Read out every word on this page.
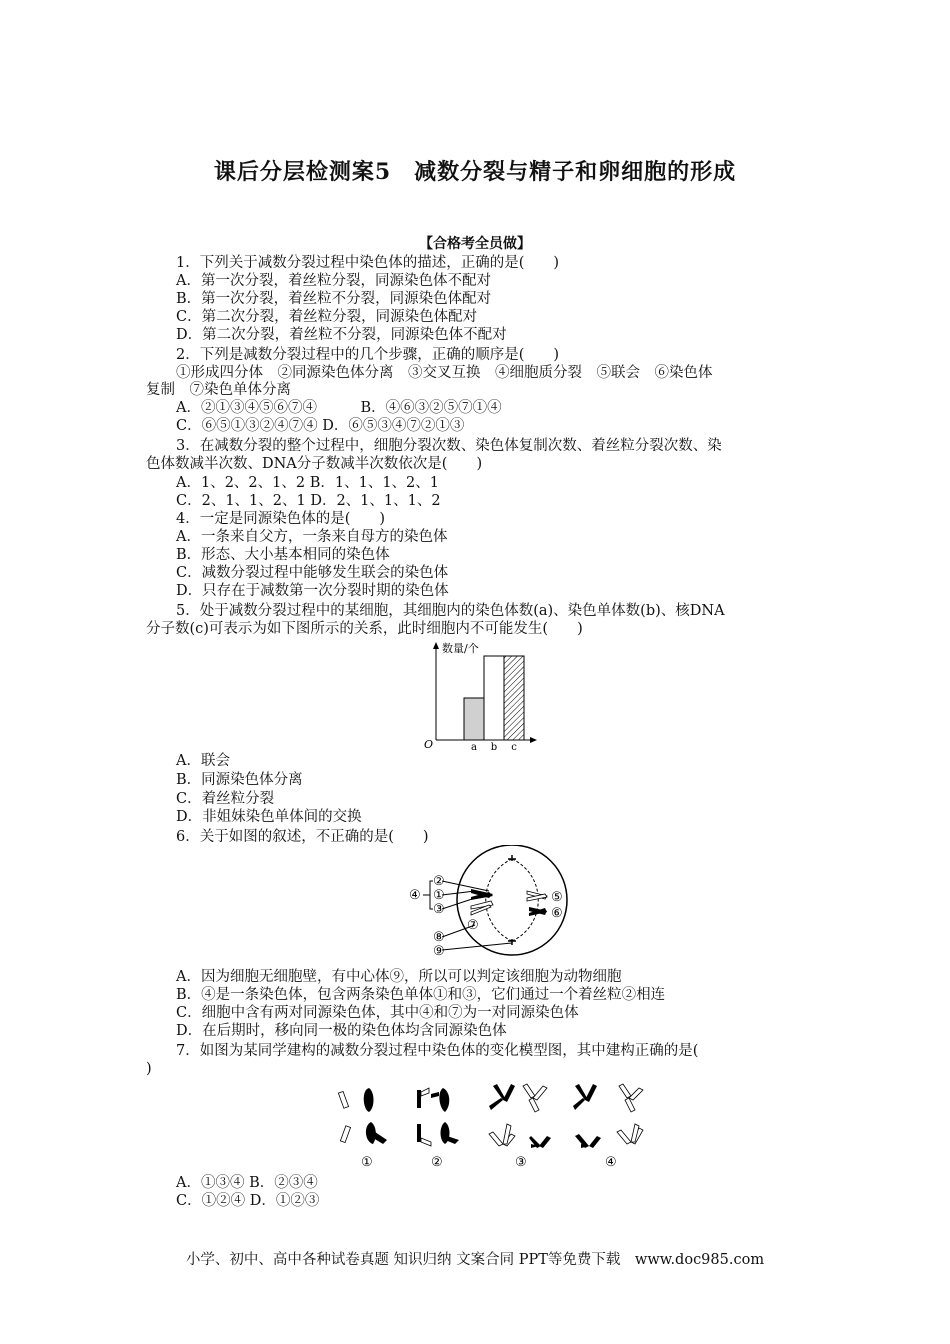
课后分层检测案5　减数分裂与精子和卵细胞的形成
【合格考全员做】
1．下列关于减数分裂过程中染色体的描述，正确的是(　　)
A．第一次分裂，着丝粒分裂，同源染色体不配对
B．第一次分裂，着丝粒不分裂，同源染色体配对
C．第二次分裂，着丝粒分裂，同源染色体配对
D．第二次分裂，着丝粒不分裂，同源染色体不配对
2．下列是减数分裂过程中的几个步骤，正确的顺序是(　　)
①形成四分体　②同源染色体分离　③交叉互换　④细胞质分裂　⑤联会　⑥染色体
复制　⑦染色单体分离
A．②①③④⑤⑥⑦④　　　B．④⑥③②⑤⑦①④
C．⑥⑤①③②④⑦④ D．⑥⑤③④⑦②①③
3．在减数分裂的整个过程中，细胞分裂次数、染色体复制次数、着丝粒分裂次数、染
色体数减半次数、DNA分子数减半次数依次是(　　)
A．1、2、2、1、2 B．1、1、1、2、1
C．2、1、1、2、1 D．2、1、1、1、2
4．一定是同源染色体的是(　　)
A．一条来自父方，一条来自母方的染色体
B．形态、大小基本相同的染色体
C．减数分裂过程中能够发生联会的染色体
D．只存在于减数第一次分裂时期的染色体
5．处于减数分裂过程中的某细胞，其细胞内的染色体数(a)、染色单体数(b)、核DNA
分子数(c)可表示为如下图所示的关系，此时细胞内不可能发生(　　)
数量/个
O	a b c
A．联会
B．同源染色体分离
C．着丝粒分裂
D．非姐妹染色单体间的交换
6．关于如图的叙述，不正确的是(　　)
②
①
④
③
⑤
⑥
⑦
⑧
⑨
A．因为细胞无细胞壁，有中心体⑨，所以可以判定该细胞为动物细胞
B．④是一条染色体，包含两条染色单体①和③，它们通过一个着丝粒②相连
C．细胞中含有两对同源染色体，其中④和⑦为一对同源染色体
D．在后期时，移向同一极的染色体均含同源染色体
7．如图为某同学建构的减数分裂过程中染色体的变化模型图，其中建构正确的是(
)
①	②	③	④
A．①③④ B．②③④
C．①②④ D．①②③
小学、初中、高中各种试卷真题 知识归纳 文案合同 PPT等免费下载　www.doc985.com
